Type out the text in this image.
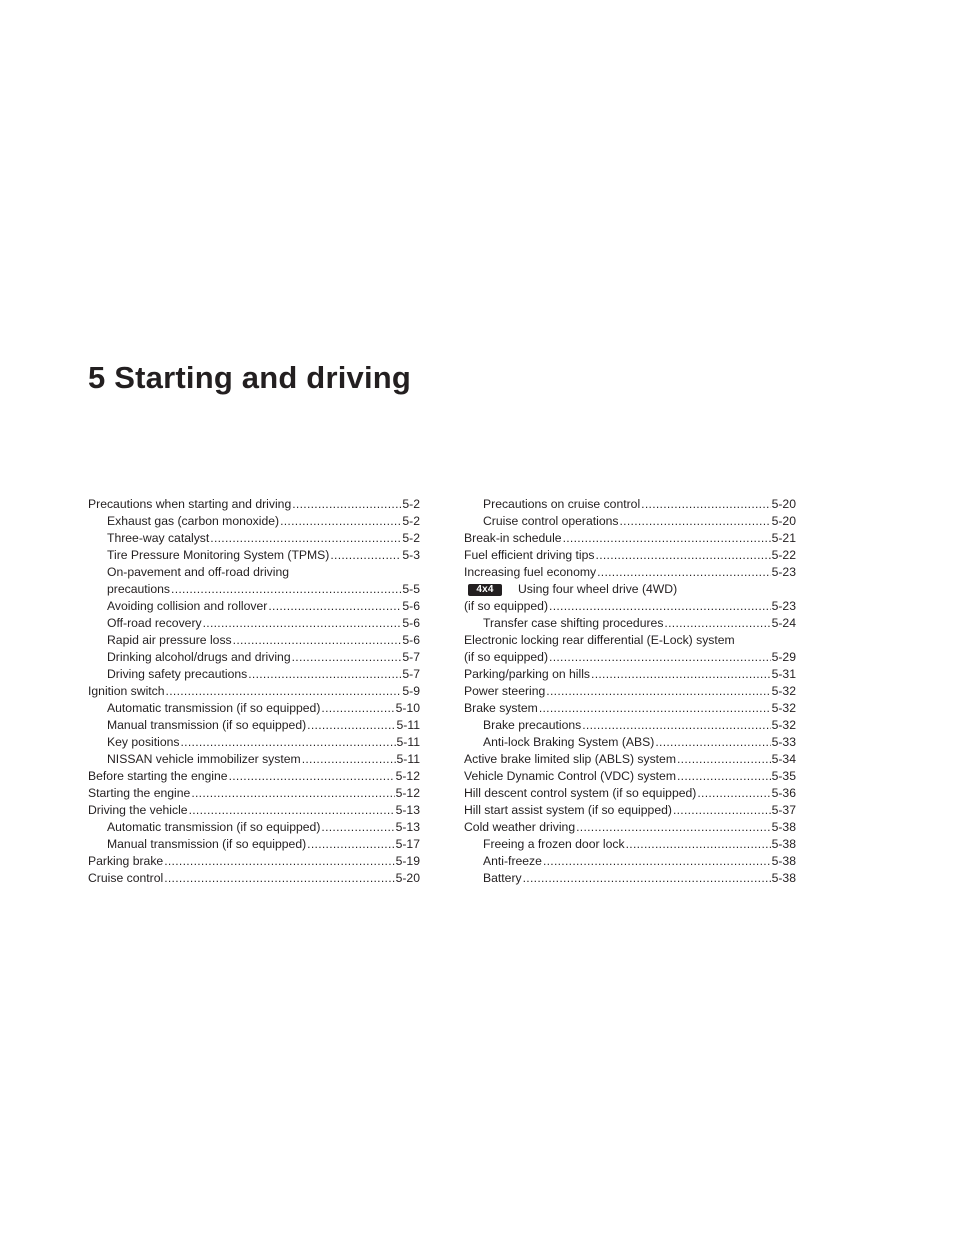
5 Starting and driving
Precautions when starting and driving . . .	5-2
Exhaust gas (carbon monoxide) . . .	5-2
Three-way catalyst . . .	5-2
Tire Pressure Monitoring System (TPMS) . . .	5-3
On-pavement and off-road driving
precautions . . .	5-5
Avoiding collision and rollover . . .	5-6
Off-road recovery . . .	5-6
Rapid air pressure loss . . .	5-6
Drinking alcohol/drugs and driving . . .	5-7
Driving safety precautions . . .	5-7
Ignition switch . . .	5-9
Automatic transmission (if so equipped) . . .	5-10
Manual transmission (if so equipped) . . .	5-11
Key positions . . .	5-11
NISSAN vehicle immobilizer system . . .	5-11
Before starting the engine . . .	5-12
Starting the engine . . .	5-12
Driving the vehicle . . .	5-13
Automatic transmission (if so equipped) . . .	5-13
Manual transmission (if so equipped) . . .	5-17
Parking brake . . .	5-19
Cruise control . . .	5-20
Precautions on cruise control . . .	5-20
Cruise control operations . . .	5-20
Break-in schedule . . .	5-21
Fuel efficient driving tips . . .	5-22
Increasing fuel economy . . .	5-23
4x4	Using four wheel drive (4WD)
(if so equipped) . . .	5-23
Transfer case shifting procedures . . .	5-24
Electronic locking rear differential (E-Lock) system
(if so equipped) . . .	5-29
Parking/parking on hills . . .	5-31
Power steering . . .	5-32
Brake system . . .	5-32
Brake precautions . . .	5-32
Anti-lock Braking System (ABS) . . .	5-33
Active brake limited slip (ABLS) system . . .	5-34
Vehicle Dynamic Control (VDC) system . . .	5-35
Hill descent control system (if so equipped) . . .	5-36
Hill start assist system (if so equipped) . . .	5-37
Cold weather driving . . .	5-38
Freeing a frozen door lock . . .	5-38
Anti-freeze . . .	5-38
Battery . . .	5-38
